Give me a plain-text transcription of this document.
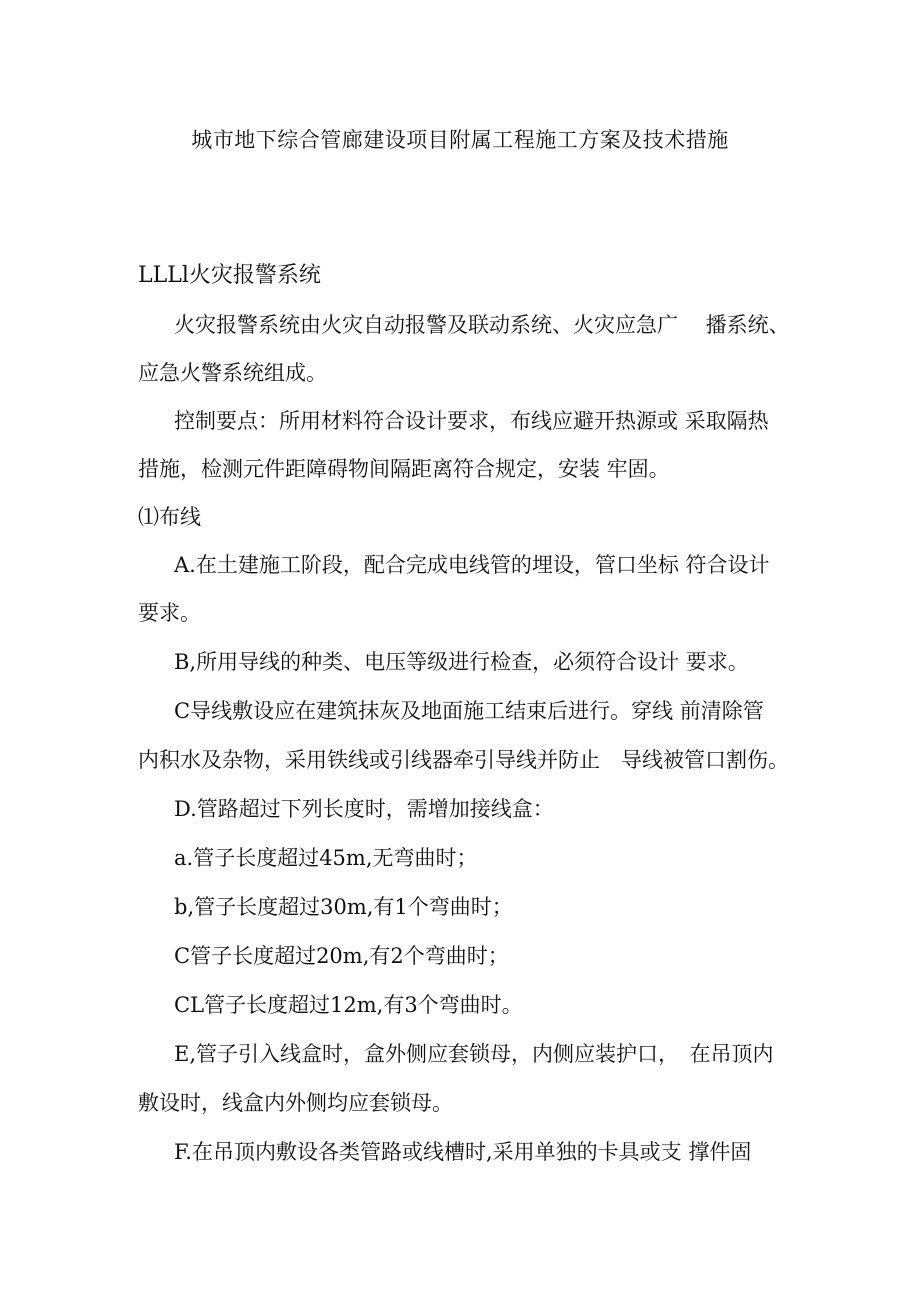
城市地下综合管廊建设项目附属工程施工方案及技术措施
LLLl火灾报警系统
火灾报警系统由火灾自动报警及联动系统、火灾应急广　 播系统、
应急火警系统组成。
控制要点：所用材料符合设计要求，布线应避开热源或 采取隔热
措施，检测元件距障碍物间隔距离符合规定，安装 牢固。
⑴布线
A.在土建施工阶段，配合完成电线管的埋设，管口坐标 符合设计
要求。
B,所用导线的种类、电压等级进行检查，必须符合设计 要求。
C导线敷设应在建筑抹灰及地面施工结束后进行。穿线 前清除管
内积水及杂物，采用铁线或引线器牵引导线并防止　导线被管口割伤。
D.管路超过下列长度时，需增加接线盒：
a.管子长度超过45m,无弯曲时；
b,管子长度超过30m,有1个弯曲时；
C管子长度超过20m,有2个弯曲时；
CL管子长度超过12m,有3个弯曲时。
E,管子引入线盒时，盒外侧应套锁母，内侧应装护口，　在吊顶内
敷设时，线盒内外侧均应套锁母。
F.在吊顶内敷设各类管路或线槽时,采用单独的卡具或支 撑件固
